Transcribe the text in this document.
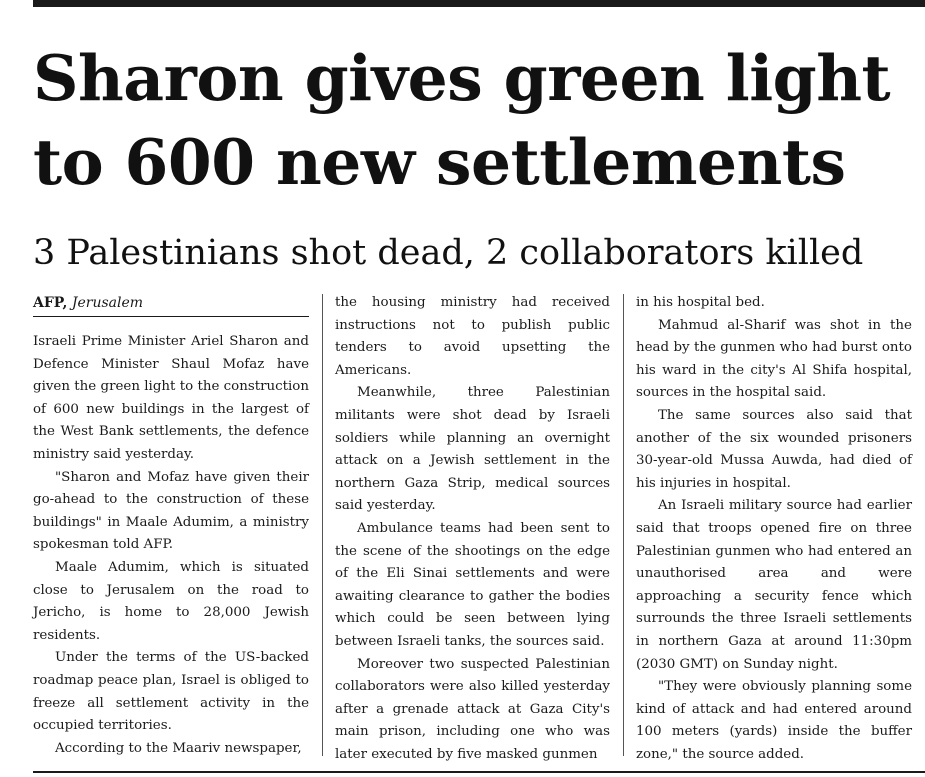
Sharon gives green light
to 600 new settlements
3 Palestinians shot dead, 2 collaborators killed
AFP, Jerusalem

Israeli Prime Minister Ariel Sharon and Defence Minister Shaul Mofaz have given the green light to the construction of 600 new buildings in the largest of the West Bank settlements, the defence ministry said yesterday.

"Sharon and Mofaz have given their go-ahead to the construction of these buildings" in Maale Adumim, a ministry spokesman told AFP.

Maale Adumim, which is situated close to Jerusalem on the road to Jericho, is home to 28,000 Jewish residents.

Under the terms of the US-backed roadmap peace plan, Israel is obliged to freeze all settlement activity in the occupied territories.

According to the Maariv newspaper,

the housing ministry had received instructions not to publish public tenders to avoid upsetting the Americans.

Meanwhile, three Palestinian militants were shot dead by Israeli soldiers while planning an overnight attack on a Jewish settlement in the northern Gaza Strip, medical sources said yesterday.

Ambulance teams had been sent to the scene of the shootings on the edge of the Eli Sinai settlements and were awaiting clearance to gather the bodies which could be seen between lying between Israeli tanks, the sources said.

Moreover two suspected Palestinian collaborators were also killed yesterday after a grenade attack at Gaza City's main prison, including one who was later executed by five masked gunmen

in his hospital bed.

Mahmud al-Sharif was shot in the head by the gunmen who had burst onto his ward in the city's Al Shifa hospital, sources in the hospital said.

The same sources also said that another of the six wounded prisoners 30-year-old Mussa Auwda, had died of his injuries in hospital.

An Israeli military source had earlier said that troops opened fire on three Palestinian gunmen who had entered an unauthorised area and were approaching a security fence which surrounds the three Israeli settlements in northern Gaza at around 11:30pm (2030 GMT) on Sunday night.

"They were obviously planning some kind of attack and had entered around 100 meters (yards) inside the buffer zone," the source added.
